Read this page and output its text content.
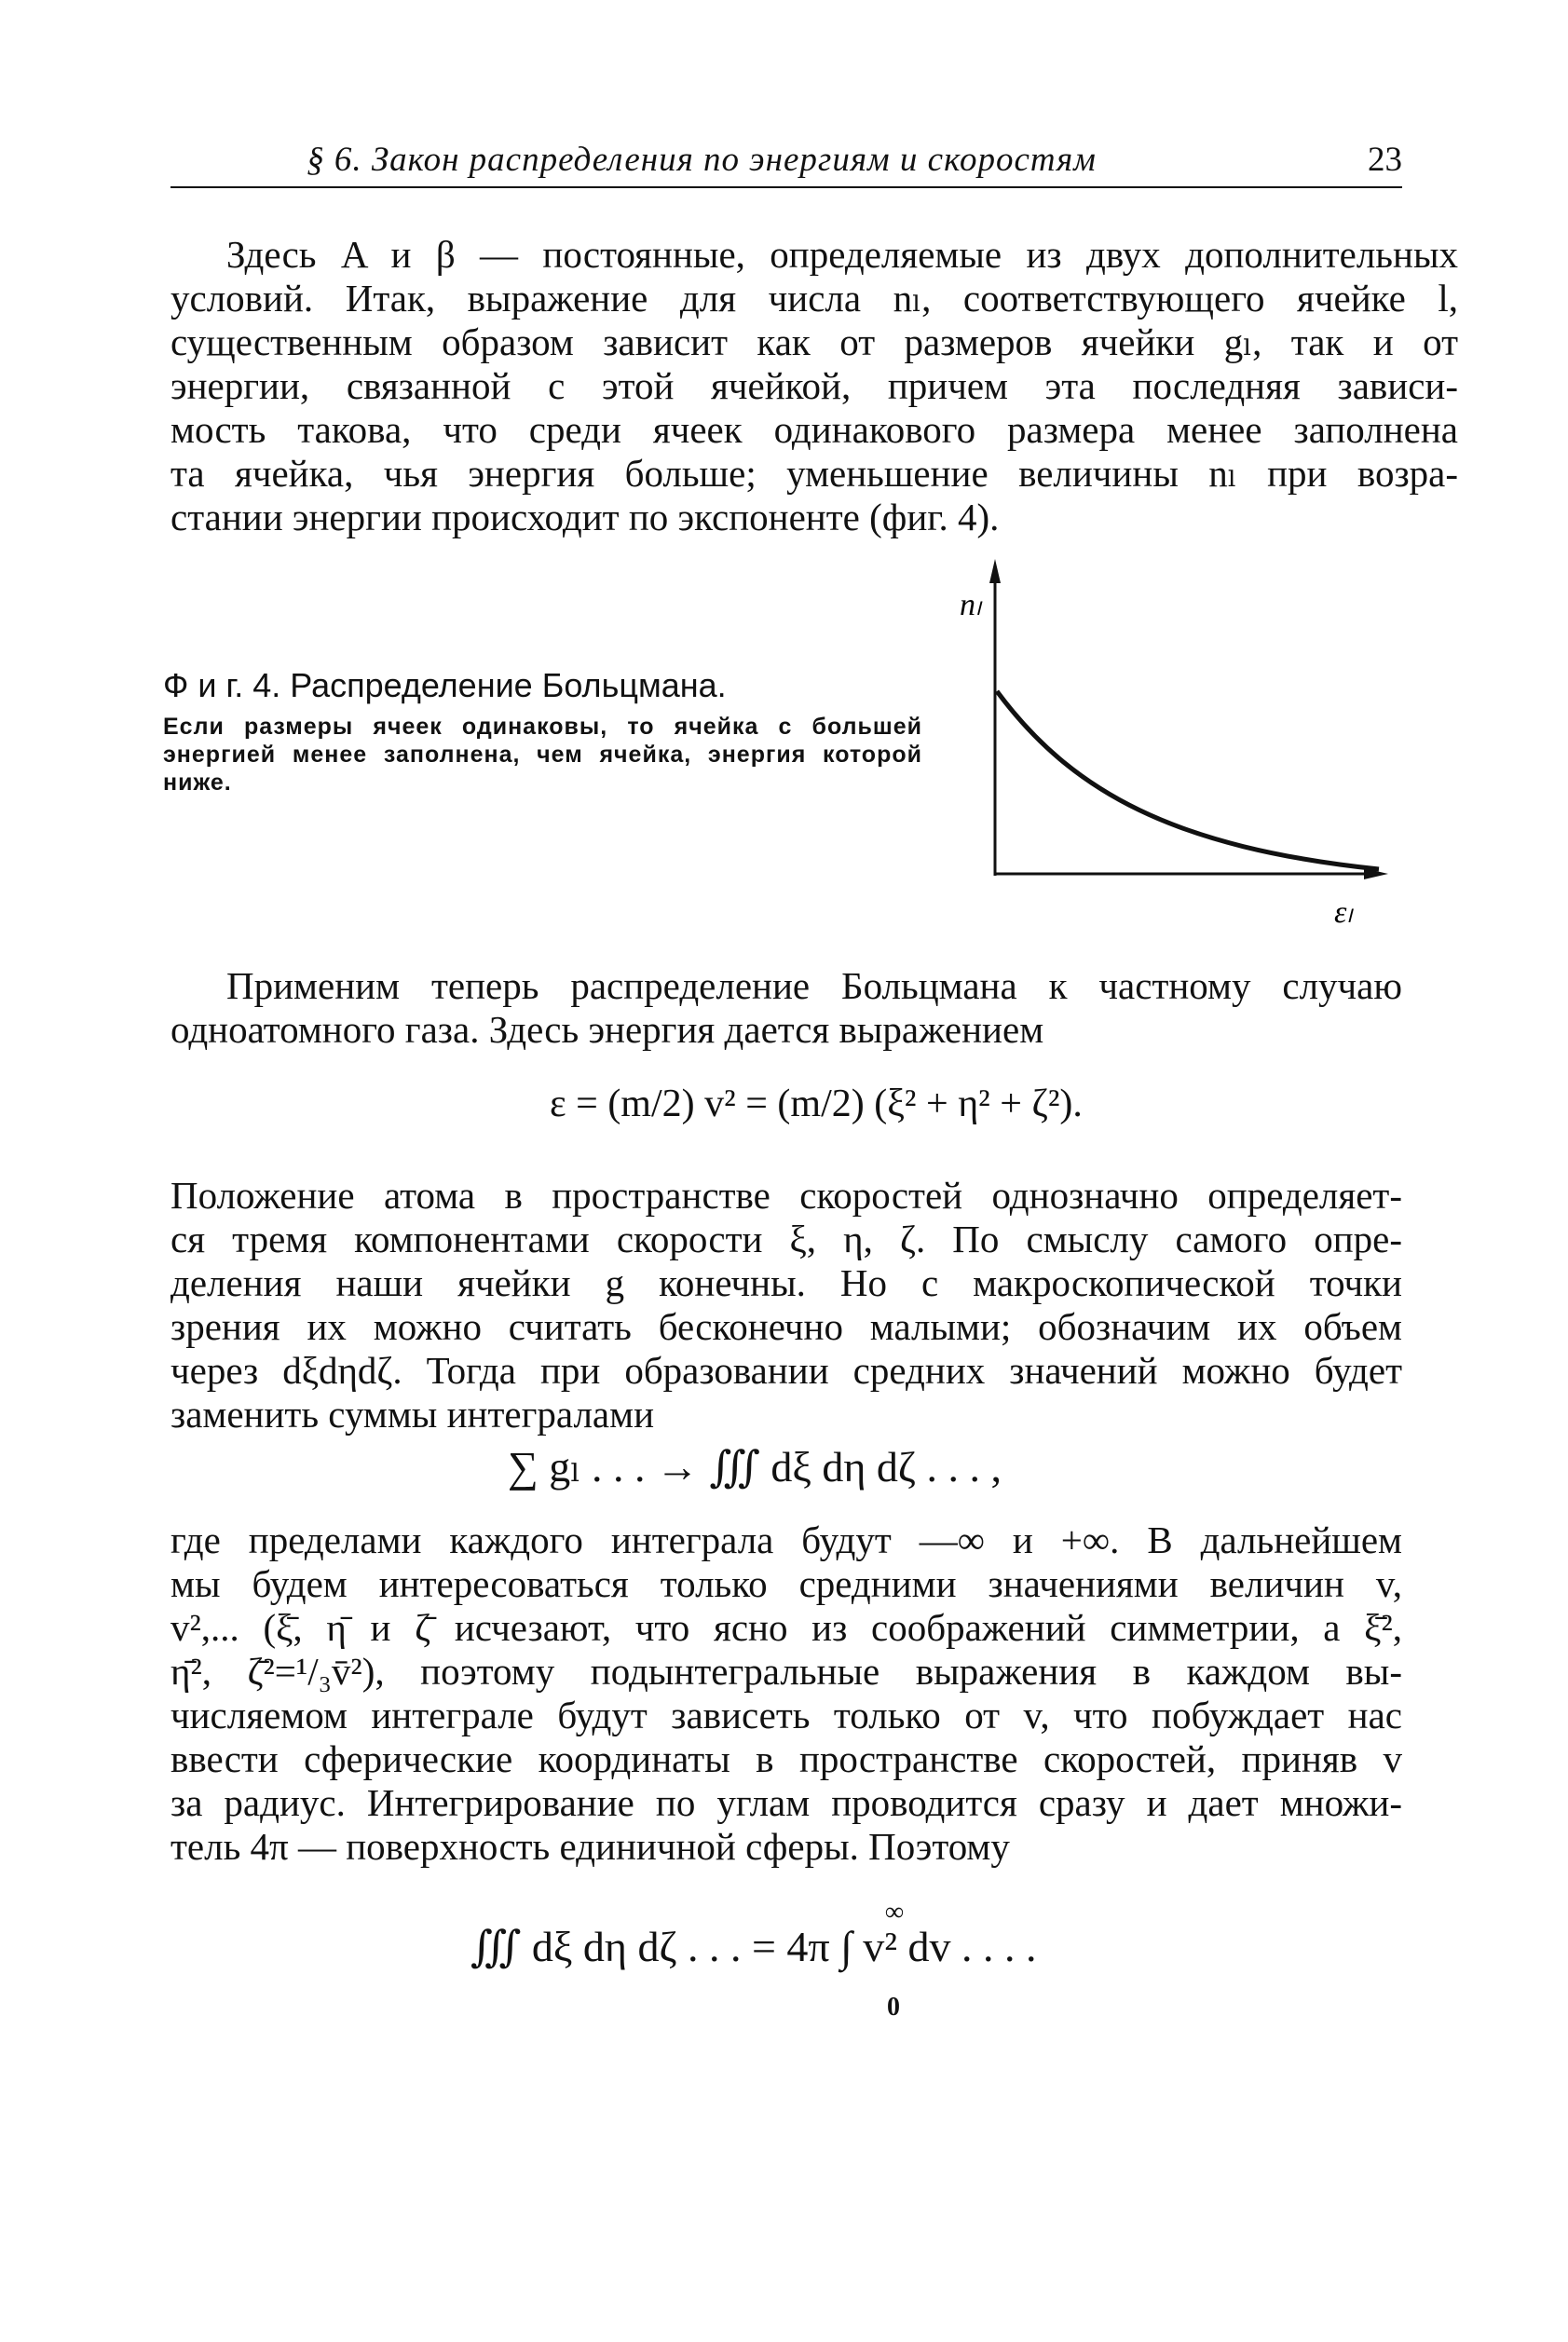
§ 6. Закон распределения по энергиям и скоростям	23
Здесь A и β — постоянные, определяемые из двух дополнительных
условий. Итак, выражение для числа nₗ, соответствующего ячейке l,
существенным образом зависит как от размеров ячейки gₗ, так и от
энергии, связанной с этой ячейкой, причем эта последняя зависи-
мость такова, что среди ячеек одинакового размера менее заполнена
та ячейка, чья энергия больше; уменьшение величины nₗ при возра-
стании энергии происходит по экспоненте (фиг. 4).
Ф и г. 4. Распределение Больцмана.
Если размеры ячеек одинаковы, то ячейка с большей
энергией менее заполнена, чем ячейка, энергия которой
ниже.
nₗ
εₗ
Применим теперь распределение Больцмана к частному случаю
одноатомного газа. Здесь энергия дается выражением
ε = (m/2) v² = (m/2) (ξ² + η² + ζ²).
Положение атома в пространстве скоростей однозначно определяет-
ся тремя компонентами скорости ξ, η, ζ. По смыслу самого опре-
деления наши ячейки g конечны. Но с макроскопической точки
зрения их можно считать бесконечно малыми; обозначим их объем
через dξdηdζ. Тогда при образовании средних значений можно будет
заменить суммы интегралами
∑ gₗ . . . → ∭ dξ dη dζ . . . ,
где пределами каждого интеграла будут —∞ и +∞. В дальнейшем
мы будем интересоваться только средними значениями величин v,
v²,... (ξ̄, η̄ и ζ̄ исчезают, что ясно из соображений симметрии, а ξ̄²,
η̄², ζ̄²=¹/₃v̄²), поэтому подынтегральные выражения в каждом вы-
числяемом интеграле будут зависеть только от v, что побуждает нас
ввести сферические координаты в пространстве скоростей, приняв v
за радиус. Интегрирование по углам проводится сразу и дает множи-
тель 4π — поверхность единичной сферы. Поэтому
∞
∭ dξ dη dζ . . . = 4π ∫ v² dv . . . .
0
